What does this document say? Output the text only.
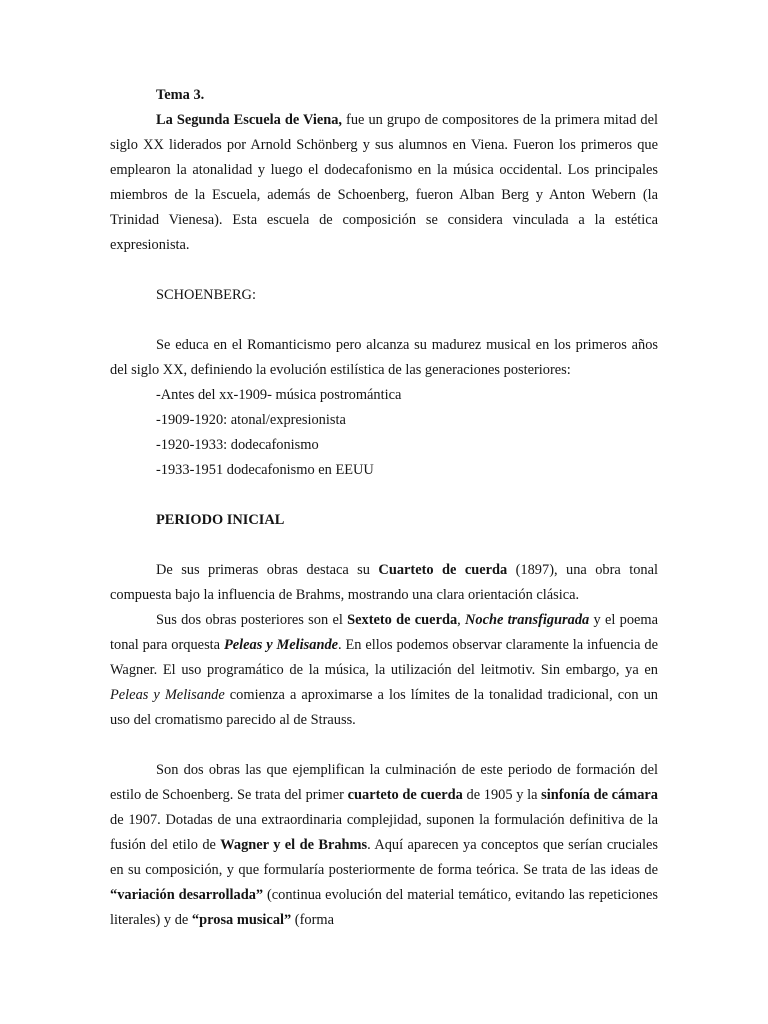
Tema 3.

La Segunda Escuela de Viena, fue un grupo de compositores de la primera mitad del siglo XX liderados por Arnold Schönberg y sus alumnos en Viena. Fueron los primeros que emplearon la atonalidad y luego el dodecafonismo en la música occidental. Los principales miembros de la Escuela, además de Schoenberg, fueron Alban Berg y Anton Webern (la Trinidad Vienesa). Esta escuela de composición se considera vinculada a la estética expresionista.

SCHOENBERG:

Se educa en el Romanticismo pero alcanza su madurez musical en los primeros años del siglo XX, definiendo la evolución estilística de las generaciones posteriores:

-Antes del xx-1909- música postromántica

-1909-1920: atonal/expresionista

-1920-1933: dodecafonismo

-1933-1951 dodecafonismo en EEUU

PERIODO INICIAL

De sus primeras obras destaca su Cuarteto de cuerda (1897), una obra tonal compuesta bajo la influencia de Brahms, mostrando una clara orientación clásica.

Sus dos obras posteriores son el Sexteto de cuerda, Noche transfigurada y el poema tonal para orquesta Peleas y Melisande. En ellos podemos observar claramente la infuencia de Wagner. El uso programático de la música, la utilización del leitmotiv. Sin embargo, ya en Peleas y Melisande comienza a aproximarse a los límites de la tonalidad tradicional, con un uso del cromatismo parecido al de Strauss.

Son dos obras las que ejemplifican la culminación de este periodo de formación del estilo de Schoenberg. Se trata del primer cuarteto de cuerda de 1905 y la sinfonía de cámara de 1907. Dotadas de una extraordinaria complejidad, suponen la formulación definitiva de la fusión del etilo de Wagner y el de Brahms. Aquí aparecen ya conceptos que serían cruciales en su composición, y que formularía posteriormente de forma teórica. Se trata de las ideas de “variación desarrollada” (continua evolución del material temático, evitando las repeticiones literales) y de “prosa musical” (forma
